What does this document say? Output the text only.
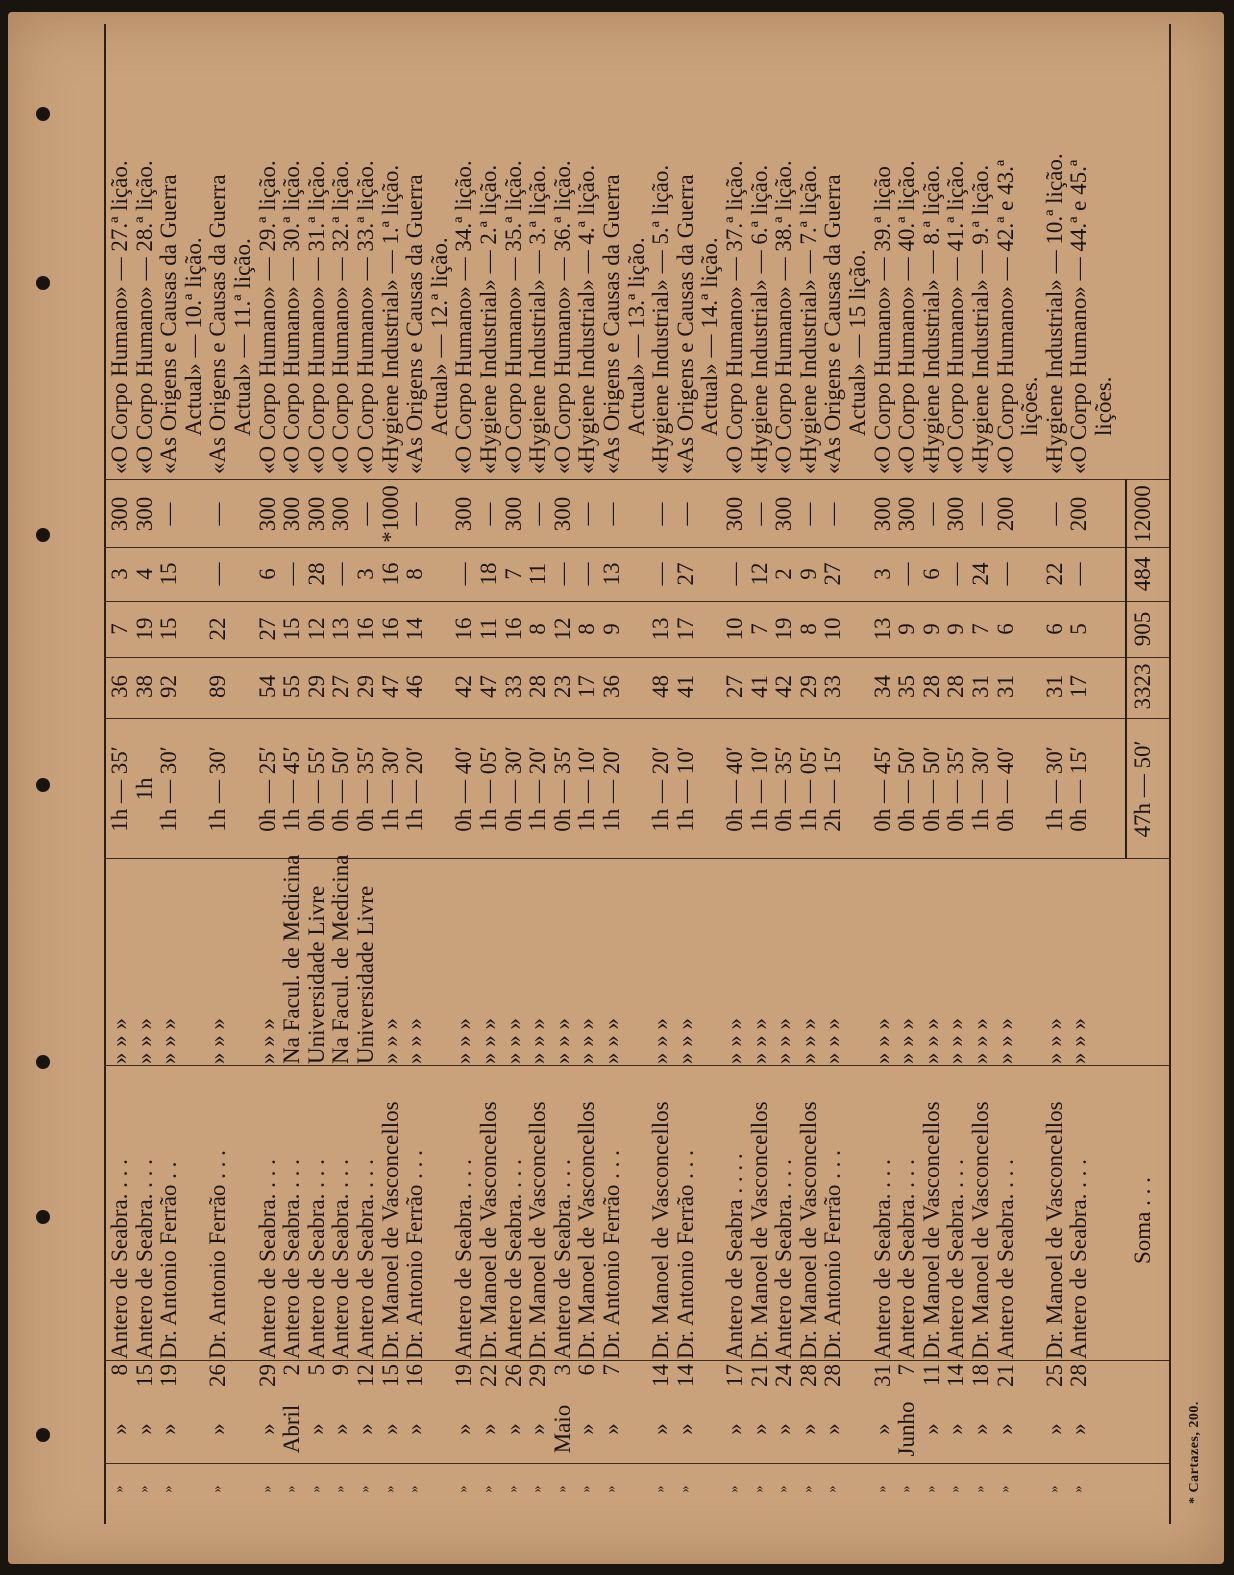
»
»
8
Antero de Seabra. . . .
» » »
1h — 35′
36
7
3
300
«O Corpo Humano» — 27.ª lição.
»
»
15
Antero de Seabra. . . .
» » »
1h
38
19
4
300
«O Corpo Humano» — 28.ª lição.
»
»
19
Dr. Antonio Ferrão . .
» » »
1h — 30′
92
15
15
—
«As Origens e Causas da Guerra Actual» — 10.ª lição.
»
»
26
Dr. Antonio Ferrão . . .
» » »
1h — 30′
89
22
—
—
«As Origens e Causas da Guerra Actual» — 11.ª lição.
»
»
29
Antero de Seabra. . . .
» » »
0h — 25′
54
27
6
300
«O Corpo Humano» — 29.ª lição.
»
Abril
2
Antero de Seabra. . . .
Na Facul. de Medicina
1h — 45′
55
15
—
300
«O Corpo Humano» — 30.ª lição.
»
»
5
Antero de Seabra. . . .
Universidade Livre
0h — 55′
29
12
28
300
«O Corpo Humano» — 31.ª lição.
»
»
9
Antero de Seabra. . . .
Na Facul. de Medicina
0h — 50′
27
13
—
300
«O Corpo Humano» — 32.ª lição.
»
»
12
Antero de Seabra. . . .
Universidade Livre
0h — 35′
29
16
3
—
«O Corpo Humano» — 33.ª lição.
»
»
15
Dr. Manoel de Vasconcellos
» » »
1h — 30′
47
16
16
*1000
«Hygiene Industrial» — 1.ª lição.
»
»
16
Dr. Antonio Ferrão . . .
» » »
1h — 20′
46
14
8
—
«As Origens e Causas da Guerra Actual» — 12.ª lição.
»
»
19
Antero de Seabra. . . .
» » »
0h — 40′
42
16
—
300
«O Corpo Humano» — 34.ª lição.
»
»
22
Dr. Manoel de Vasconcellos
» » »
1h — 05′
47
11
18
—
«Hygiene Industrial» — 2.ª lição.
»
»
26
Antero de Seabra. . . .
» » »
0h — 30′
33
16
7
300
«O Corpo Humano» — 35.ª lição.
»
»
29
Dr. Manoel de Vasconcellos
» » »
1h — 20′
28
8
11
—
«Hygiene Industrial» — 3.ª lição.
»
Maio
3
Antero de Seabra. . . .
» » »
0h — 35′
23
12
—
300
«O Corpo Humano» — 36.ª lição.
»
»
6
Dr. Manoel de Vasconcellos
» » »
1h — 10′
17
8
—
—
«Hygiene Industrial» — 4.ª lição.
»
»
7
Dr. Antonio Ferrão . . .
» » »
1h — 20′
36
9
13
—
«As Origens e Causas da Guerra Actual» — 13.ª lição.
»
»
14
Dr. Manoel de Vasconcellos
» » »
1h — 20′
48
13
—
—
«Hygiene Industrial» — 5.ª lição.
»
»
14
Dr. Antonio Ferrão . . .
» » »
1h — 10′
41
17
27
—
«As Origens e Causas da Guerra Actual» — 14.ª lição.
»
»
17
Antero de Seabra . . . .
» » »
0h — 40′
27
10
—
300
«O Corpo Humano» — 37.ª lição.
»
»
21
Dr. Manoel de Vasconcellos
» » »
1h — 10′
41
7
12
—
«Hygiene Industrial» — 6.ª lição.
»
»
24
Antero de Seabra. . . .
» » »
0h — 35′
42
19
2
300
«O Corpo Humano» — 38.ª lição.
»
»
28
Dr. Manoel de Vasconcellos
» » »
1h — 05′
29
8
9
—
«Hygiene Industrial» — 7.ª lição.
»
»
28
Dr. Antonio Ferrão . . .
» » »
2h — 15′
33
10
27
—
«As Origens e Causas da Guerra Actual» — 15 lição.
»
»
31
Antero de Seabra. . . .
» » »
0h — 45′
34
13
3
300
«O Corpo Humano» — 39.ª lição
»
Junho
7
Antero de Seabra. . . .
» » »
0h — 50′
35
9
—
300
«O Corpo Humano» — 40.ª lição.
»
»
11
Dr. Manoel de Vasconcellos
» » »
0h — 50′
28
9
6
—
«Hygiene Industrial» — 8.ª lição.
»
»
14
Antero de Seabra. . . .
» » »
0h — 35′
28
9
—
300
«O Corpo Humano» — 41.ª lição.
»
»
18
Dr. Manoel de Vasconcellos
» » »
1h — 30′
31
7
24
—
«Hygiene Industrial» — 9.ª lição.
»
»
21
Antero de Seabra. . . .
» » »
0h — 40′
31
6
—
200
«O Corpo Humano» — 42.ª e 43.ª lições.
»
»
25
Dr. Manoel de Vasconcellos
» » »
1h — 30′
31
6
22
—
«Hygiene Industrial» — 10.ª lição.
»
»
28
Antero de Seabra. . . .
» » »
0h — 15′
17
5
—
200
«O Corpo Humano» — 44.ª e 45.ª lições.
Soma . . .
47h — 50′
3323
905
484
12000
* Cartazes, 200.
